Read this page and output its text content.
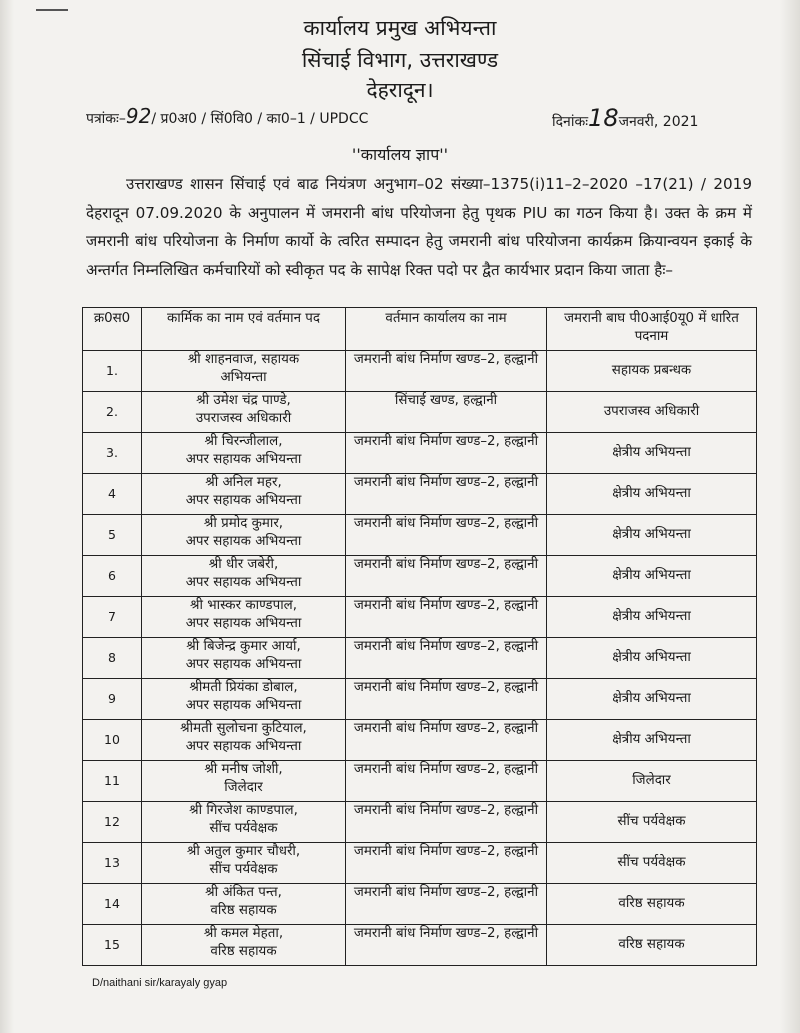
कार्यालय प्रमुख अभियन्ता
सिंचाई विभाग, उत्तराखण्ड
देहरादून।
पत्रांकः–92/ प्र0अ0 / सिं0वि0 / का0–1 / UPDCC	दिनांकः18जनवरी, 2021
''कार्यालय ज्ञाप''
उत्तराखण्ड शासन सिंचाई एवं बाढ नियंत्रण अनुभाग–02 संख्या–1375(i)11–2–2020 –17(21) / 2019 देहरादून 07.09.2020 के अनुपालन में जमरानी बांध परियोजना हेतु पृथक PIU का गठन किया है। उक्त के क्रम में जमरानी बांध परियोजना के निर्माण कार्यो के त्वरित सम्पादन हेतु जमरानी बांध परियोजना कार्यक्रम क्रियान्वयन इकाई के अन्तर्गत निम्नलिखित कर्मचारियों को स्वीकृत पद के सापेक्ष रिक्त पदो पर द्वैत कार्यभार प्रदान किया जाता हैः–
क्र0स0	कार्मिक का नाम एवं वर्तमान पद	वर्तमान कार्यालय का नाम	जमरानी बाघ पी0आई0यू0 में धारित पदनाम

1.	श्री शाहनवाज, सहायक
अभियन्ता	जमरानी बांध निर्माण खण्ड–2, हल्द्वानी	सहायक प्रबन्धक

2.	श्री उमेश चंद्र पाण्डे,
उपराजस्व अधिकारी	सिंचाई खण्ड, हल्द्वानी	उपराजस्व अधिकारी

3.	श्री चिरन्जीलाल,
अपर सहायक अभियन्ता	जमरानी बांध निर्माण खण्ड–2, हल्द्वानी	क्षेत्रीय अभियन्ता

4	श्री अनिल महर,
अपर सहायक अभियन्ता	जमरानी बांध निर्माण खण्ड–2, हल्द्वानी	क्षेत्रीय अभियन्ता

5	श्री प्रमोद कुमार,
अपर सहायक अभियन्ता	जमरानी बांध निर्माण खण्ड–2, हल्द्वानी	क्षेत्रीय अभियन्ता

6	श्री धीर जबेरी,
अपर सहायक अभियन्ता	जमरानी बांध निर्माण खण्ड–2, हल्द्वानी	क्षेत्रीय अभियन्ता

7	श्री भास्कर काण्डपाल,
अपर सहायक अभियन्ता	जमरानी बांध निर्माण खण्ड–2, हल्द्वानी	क्षेत्रीय अभियन्ता

8	श्री बिजेन्द्र कुमार आर्या,
अपर सहायक अभियन्ता	जमरानी बांध निर्माण खण्ड–2, हल्द्वानी	क्षेत्रीय अभियन्ता

9	श्रीमती प्रियंका डोबाल,
अपर सहायक अभियन्ता	जमरानी बांध निर्माण खण्ड–2, हल्द्वानी	क्षेत्रीय अभियन्ता

10	श्रीमती सुलोचना कुटियाल,
अपर सहायक अभियन्ता	जमरानी बांध निर्माण खण्ड–2, हल्द्वानी	क्षेत्रीय अभियन्ता

11	श्री मनीष जोशी,
जिलेदार	जमरानी बांध निर्माण खण्ड–2, हल्द्वानी	जिलेदार

12	श्री गिरजेश काण्डपाल,
सींच पर्यवेक्षक	जमरानी बांध निर्माण खण्ड–2, हल्द्वानी	सींच पर्यवेक्षक

13	श्री अतुल कुमार चौधरी,
सींच पर्यवेक्षक	जमरानी बांध निर्माण खण्ड–2, हल्द्वानी	सींच पर्यवेक्षक

14	श्री अंकित पन्त,
वरिष्ठ सहायक	जमरानी बांध निर्माण खण्ड–2, हल्द्वानी	वरिष्ठ सहायक

15	श्री कमल मेहता,
वरिष्ठ सहायक	जमरानी बांध निर्माण खण्ड–2, हल्द्वानी	वरिष्ठ सहायक
D/naithani sir/karayaly gyap
